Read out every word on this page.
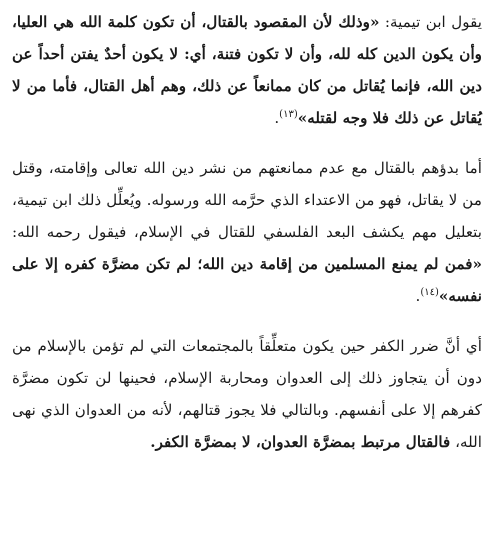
يقول ابن تيمية: «وذلك لأن المقصود بالقتال، أن تكون كلمة الله هي العليا، وأن يكون الدين كله لله، وأن لا تكون فتنة، أي: لا يكون أحدٌ يفتن أحداً عن دين الله، فإنما يُقاتل من كان ممانعاً عن ذلك، وهم أهل القتال، فأما من لا يُقاتل عن ذلك فلا وجه لقتله»$^{(١٣)}$.

أما بدؤهم بالقتال مع عدم ممانعتهم من نشر دين الله تعالى وإقامته، وقتل من لا يقاتل، فهو من الاعتداء الذي حرَّمه الله ورسوله. ويُعلِّل ذلك ابن تيمية، بتعليل مهم يكشف البعد الفلسفي للقتال في الإسلام، فيقول رحمه الله: «فمن لم يمنع المسلمين من إقامة دين الله؛ لم تكن مضرَّة كفره إلا على نفسه»$^{(١٤)}$.

أي أنَّ ضرر الكفر حين يكون متعلِّقاً بالمجتمعات التي لم تؤمن بالإسلام من دون أن يتجاوز ذلك إلى العدوان ومحاربة الإسلام، فحينها لن تكون مضرَّة كفرهم إلا على أنفسهم. وبالتالي فلا يجوز قتالهم، لأنه من العدوان الذي نهى الله، فالقتال مرتبط بمضرَّة العدوان، لا بمضرَّة الكفر.
